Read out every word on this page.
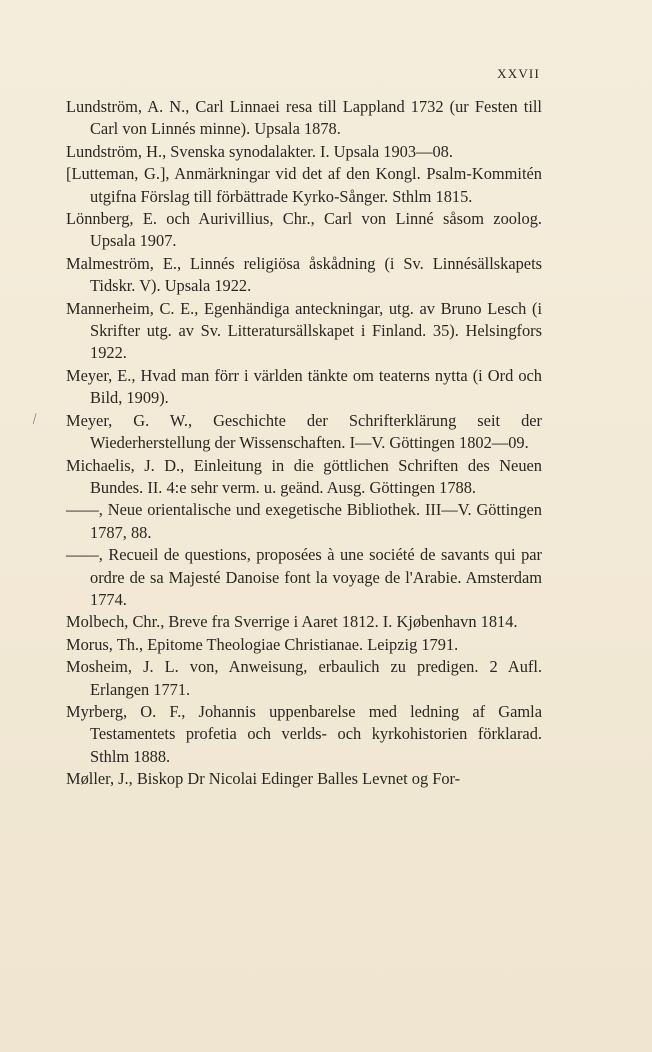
XXVII

Lundström, A. N., Carl Linnaei resa till Lappland 1732 (ur Festen till Carl von Linnés minne). Upsala 1878.

Lundström, H., Svenska synodalakter. I. Upsala 1903—08.

[Lutteman, G.], Anmärkningar vid det af den Kongl. Psalm-Kommitén utgifna Förslag till förbättrade Kyrko-Sånger. Sthlm 1815.

Lönnberg, E. och Aurivillius, Chr., Carl von Linné såsom zoolog. Upsala 1907.

Malmeström, E., Linnés religiösa åskådning (i Sv. Linnésällskapets Tidskr. V). Upsala 1922.

Mannerheim, C. E., Egenhändiga anteckningar, utg. av Bruno Lesch (i Skrifter utg. av Sv. Litteratursällskapet i Finland. 35). Helsingfors 1922.

Meyer, E., Hvad man förr i världen tänkte om teaterns nytta (i Ord och Bild, 1909).

⁄ Meyer, G. W., Geschichte der Schrifterklärung seit der Wiederherstellung der Wissenschaften. I—V. Göttingen 1802—09.

Michaelis, J. D., Einleitung in die göttlichen Schriften des Neuen Bundes. II. 4:e sehr verm. u. geänd. Ausg. Göttingen 1788.

——, Neue orientalische und exegetische Bibliothek. III—V. Göttingen 1787, 88.

——, Recueil de questions, proposées à une société de savants qui par ordre de sa Majesté Danoise font la voyage de l'Arabie. Amsterdam 1774.

Molbech, Chr., Breve fra Sverrige i Aaret 1812. I. Kjøbenhavn 1814.

Morus, Th., Epitome Theologiae Christianae. Leipzig 1791.

Mosheim, J. L. von, Anweisung, erbaulich zu predigen. 2 Aufl. Erlangen 1771.

Myrberg, O. F., Johannis uppenbarelse med ledning af Gamla Testamentets profetia och verlds- och kyrkohistorien förklarad. Sthlm 1888.

Møller, J., Biskop Dr Nicolai Edinger Balles Levnet og For-
